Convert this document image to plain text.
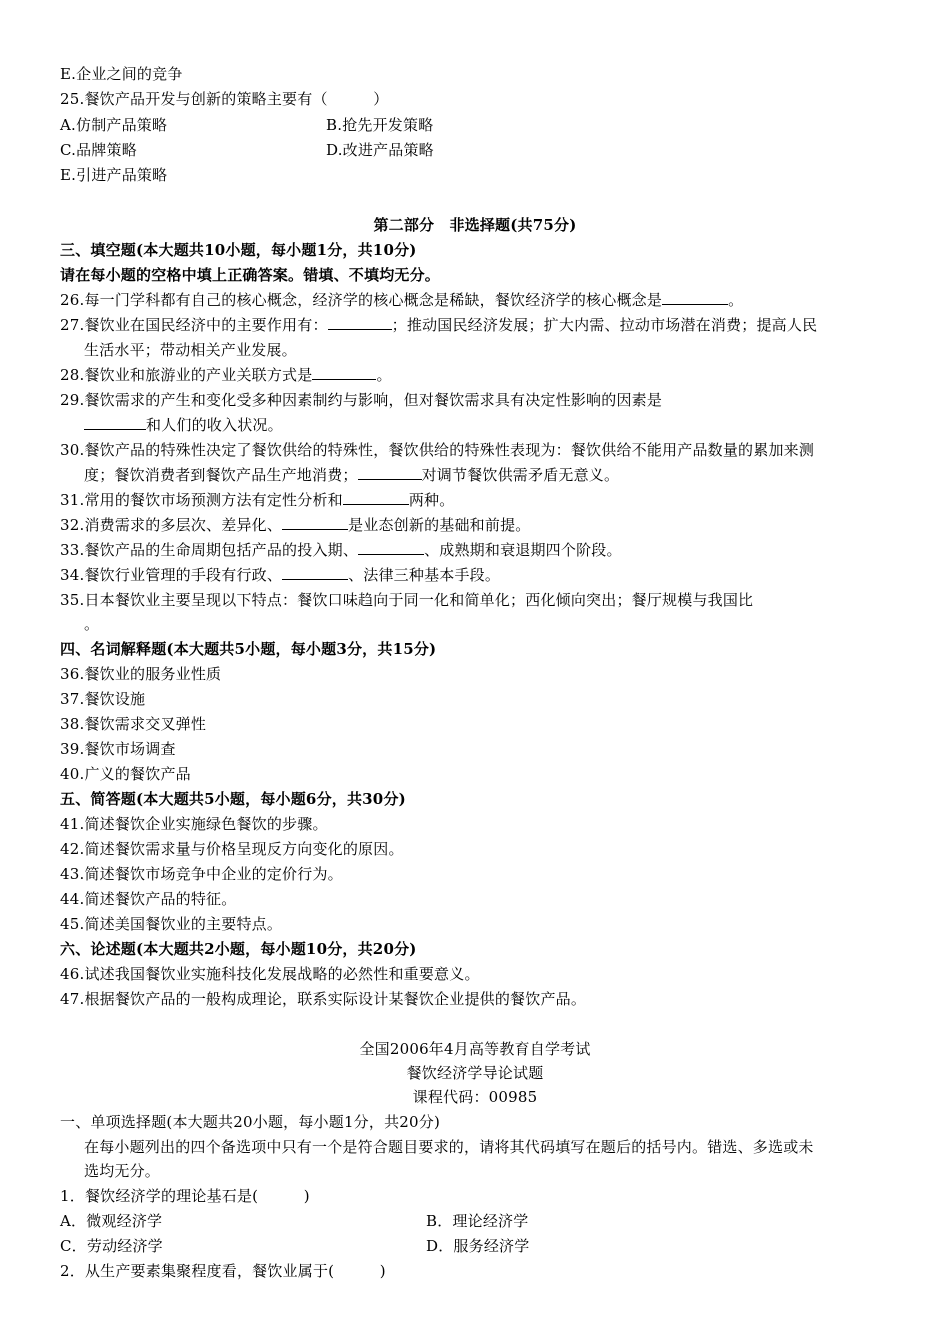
E.企业之间的竞争
25.餐饮产品开发与创新的策略主要有（　　　）
A.仿制产品策略	B.抢先开发策略
C.品牌策略	D.改进产品策略
E.引进产品策略
第二部分　非选择题(共75分)
三、填空题(本大题共10小题，每小题1分，共10分)
请在每小题的空格中填上正确答案。错填、不填均无分。
26.每一门学科都有自己的核心概念，经济学的核心概念是稀缺，餐饮经济学的核心概念是	。
27.餐饮业在国民经济中的主要作用有：	；推动国民经济发展；扩大内需、拉动市场潜在消费；提高人民
生活水平；带动相关产业发展。
28.餐饮业和旅游业的产业关联方式是	。
29.餐饮需求的产生和变化受多种因素制约与影响，但对餐饮需求具有决定性影响的因素是
和人们的收入状况。
30.餐饮产品的特殊性决定了餐饮供给的特殊性，餐饮供给的特殊性表现为：餐饮供给不能用产品数量的累加来测
度；餐饮消费者到餐饮产品生产地消费；	对调节餐饮供需矛盾无意义。
31.常用的餐饮市场预测方法有定性分析和	两种。
32.消费需求的多层次、差异化、	是业态创新的基础和前提。
33.餐饮产品的生命周期包括产品的投入期、	、成熟期和衰退期四个阶段。
34.餐饮行业管理的手段有行政、	、法律三种基本手段。
35.日本餐饮业主要呈现以下特点：餐饮口味趋向于同一化和简单化；西化倾向突出；餐厅规模与我国比
。
四、名词解释题(本大题共5小题，每小题3分，共15分)
36.餐饮业的服务业性质
37.餐饮设施
38.餐饮需求交叉弹性
39.餐饮市场调查
40.广义的餐饮产品
五、简答题(本大题共5小题，每小题6分，共30分)
41.简述餐饮企业实施绿色餐饮的步骤。
42.简述餐饮需求量与价格呈现反方向变化的原因。
43.简述餐饮市场竞争中企业的定价行为。
44.简述餐饮产品的特征。
45.简述美国餐饮业的主要特点。
六、论述题(本大题共2小题，每小题10分，共20分)
46.试述我国餐饮业实施科技化发展战略的必然性和重要意义。
47.根据餐饮产品的一般构成理论，联系实际设计某餐饮企业提供的餐饮产品。
全国2006年4月高等教育自学考试
餐饮经济学导论试题
课程代码：00985
一、单项选择题(本大题共20小题，每小题1分，共20分)
在每小题列出的四个备选项中只有一个是符合题目要求的，请将其代码填写在题后的括号内。错选、多选或未
选均无分。
1．餐饮经济学的理论基石是(　　　)
A．微观经济学	B．理论经济学
C．劳动经济学	D．服务经济学
2．从生产要素集聚程度看，餐饮业属于(　　　)
